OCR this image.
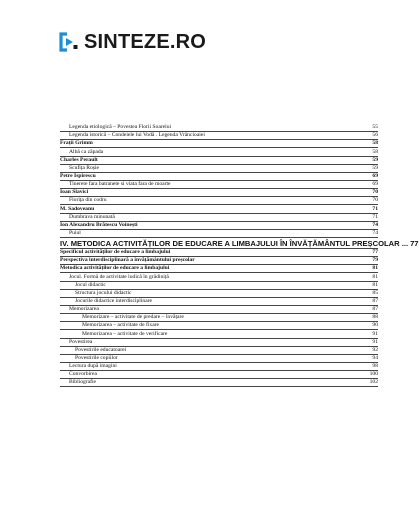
SINTEZE.RO
Legenda etiologică – Povestea Florii Soarelui	55
Legenda istorică – Condeiele lui Vodă . Legenda Vrâncioaiei	56
Frații Grimm	58
Albă ca zăpada	58
Charles Perault	59
Scufița Roșie	59
Petre Ispirescu	69
Tinerete fara batranete si viata fara de moarte	69
Ioan Slavici	70
Florița din codru	70
M. Sadoveanu	71
Dumbrava minunată	71
Ion Alexandru Brătescu Voinești	74
Puiul	74
IV. METODICA ACTIVITĂȚILOR DE EDUCARE A LIMBAJULUI ÎN ÎNVĂȚĂMÂNTUL PREȘCOLAR ... 77
Specificul activităților de educare a limbajului	77
Perspectiva interdisciplinară a învățământului preșcolar	79
Metodica activităților de educare a limbajului	81
Jocul. Formă de activitate ludică în grădiniță	81
Jocul didactic	81
Structura jocului didactic	85
Jocurile didactice interdisciplinare	87
Memorizarea	87
Memorizare – activitate de predare – învățare	88
Memorizarea – activitate de fixare	90
Memorizarea – activitate de verificare	91
Povestirea	91
Povestirile educatoarei	92
Povestirile copiilor	94
Lectura după imagini	98
Convorbirea	100
Bibliografie	102
